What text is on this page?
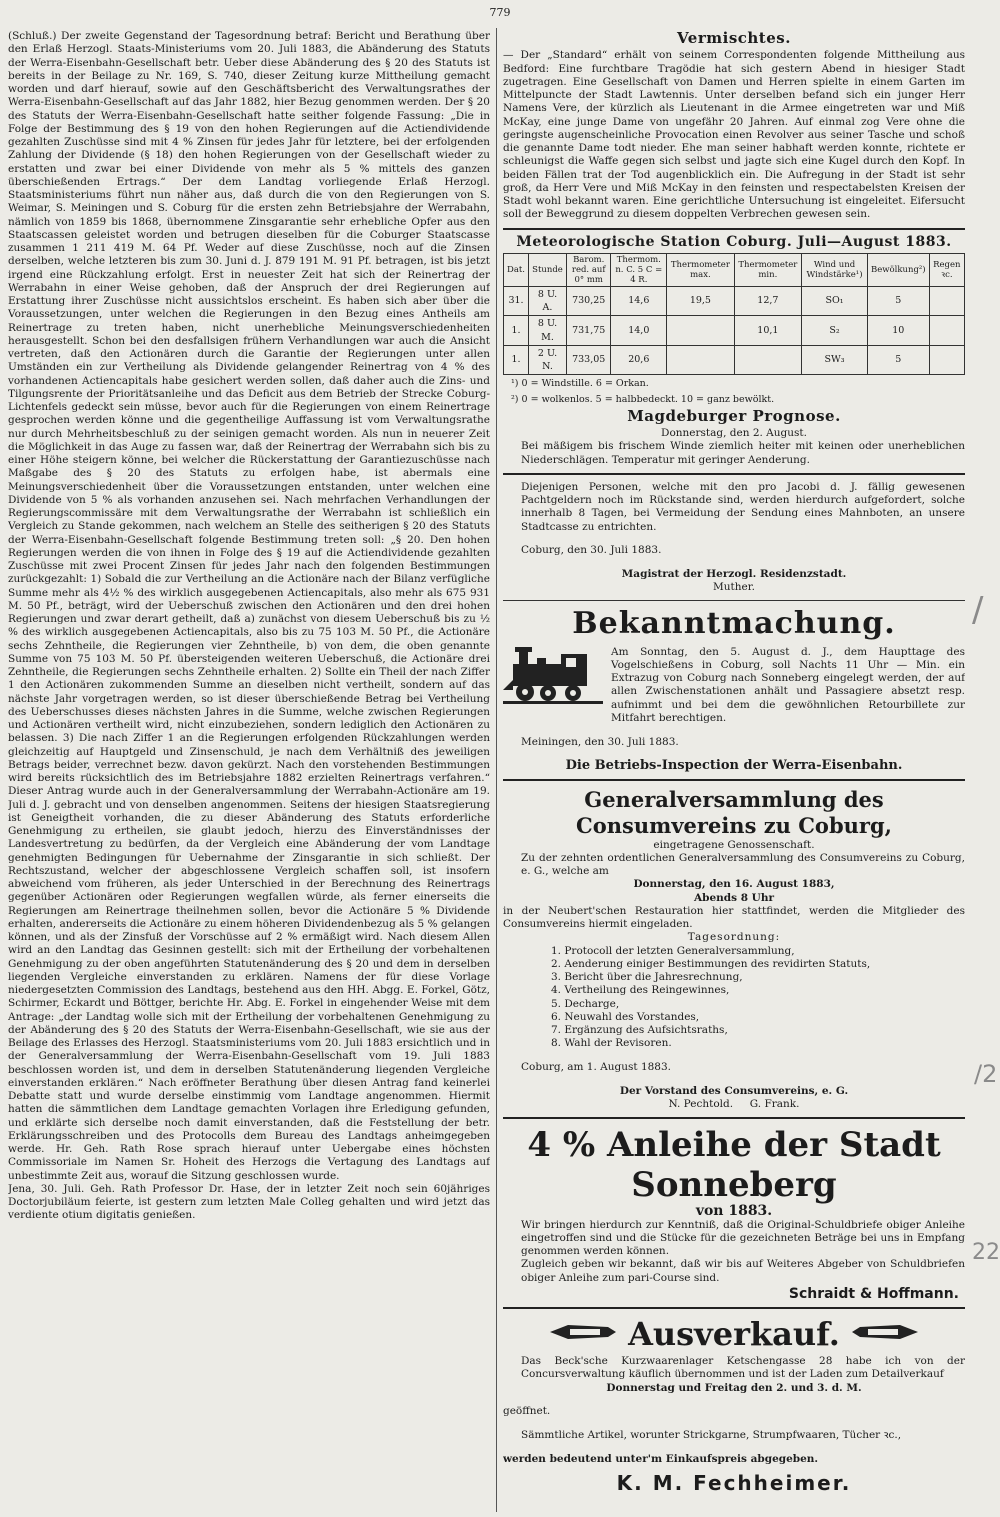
779

(Schluß.) Der zweite Gegenstand der Tagesordnung betraf: Bericht und Berathung über den Erlaß Herzogl. Staats-Ministeriums vom 20. Juli 1883, die Abänderung des Statuts der Werra-Eisenbahn-Gesellschaft betr. Ueber diese Abänderung des § 20 des Statuts ist bereits in der Beilage zu Nr. 169, S. 740, dieser Zeitung kurze Mittheilung gemacht worden und darf hierauf, sowie auf den Geschäftsbericht des Verwaltungsrathes der Werra-Eisenbahn-Gesellschaft auf das Jahr 1882, hier Bezug genommen werden. Der § 20 des Statuts der Werra-Eisenbahn-Gesellschaft hatte seither folgende Fassung: „Die in Folge der Bestimmung des § 19 von den hohen Regierungen auf die Actiendividende gezahlten Zuschüsse sind mit 4 % Zinsen für jedes Jahr für letztere, bei der erfolgenden Zahlung der Dividende (§ 18) den hohen Regierungen von der Gesellschaft wieder zu erstatten und zwar bei einer Dividende von mehr als 5 % mittels des ganzen überschießenden Ertrags.“ Der dem Landtag vorliegende Erlaß Herzogl. Staatsministeriums führt nun näher aus, daß durch die von den Regierungen von S. Weimar, S. Meiningen und S. Coburg für die ersten zehn Betriebsjahre der Werrabahn, nämlich von 1859 bis 1868, übernommene Zinsgarantie sehr erhebliche Opfer aus den Staatscassen geleistet worden und betrugen dieselben für die Coburger Staatscasse zusammen 1 211 419 M. 64 Pf. Weder auf diese Zuschüsse, noch auf die Zinsen derselben, welche letzteren bis zum 30. Juni d. J. 879 191 M. 91 Pf. betragen, ist bis jetzt irgend eine Rückzahlung erfolgt. Erst in neuester Zeit hat sich der Reinertrag der Werrabahn in einer Weise gehoben, daß der Anspruch der drei Regierungen auf Erstattung ihrer Zuschüsse nicht aussichtslos erscheint. Es haben sich aber über die Voraussetzungen, unter welchen die Regierungen in den Bezug eines Antheils am Reinertrage zu treten haben, nicht unerhebliche Meinungsverschiedenheiten herausgestellt. Schon bei den desfallsigen frühern Verhandlungen war auch die Ansicht vertreten, daß den Actionären durch die Garantie der Regierungen unter allen Umständen ein zur Vertheilung als Dividende gelangender Reinertrag von 4 % des vorhandenen Actiencapitals habe gesichert werden sollen, daß daher auch die Zins- und Tilgungsrente der Prioritätsanleihe und das Deficit aus dem Betrieb der Strecke Coburg-Lichtenfels gedeckt sein müsse, bevor auch für die Regierungen von einem Reinertrage gesprochen werden könne und die gegentheilige Auffassung ist vom Verwaltungsrathe nur durch Mehrheitsbeschluß zu der seinigen gemacht worden. Als nun in neuerer Zeit die Möglichkeit in das Auge zu fassen war, daß der Reinertrag der Werrabahn sich bis zu einer Höhe steigern könne, bei welcher die Rückerstattung der Garantiezuschüsse nach Maßgabe des § 20 des Statuts zu erfolgen habe, ist abermals eine Meinungsverschiedenheit über die Voraussetzungen entstanden, unter welchen eine Dividende von 5 % als vorhanden anzusehen sei. Nach mehrfachen Verhandlungen der Regierungscommissäre mit dem Verwaltungsrathe der Werrabahn ist schließlich ein Vergleich zu Stande gekommen, nach welchem an Stelle des seitherigen § 20 des Statuts der Werra-Eisenbahn-Gesellschaft folgende Bestimmung treten soll: „§ 20. Den hohen Regierungen werden die von ihnen in Folge des § 19 auf die Actiendividende gezahlten Zuschüsse mit zwei Procent Zinsen für jedes Jahr nach den folgenden Bestimmungen zurückgezahlt: 1) Sobald die zur Vertheilung an die Actionäre nach der Bilanz verfügliche Summe mehr als 4½ % des wirklich ausgegebenen Actiencapitals, also mehr als 675 931 M. 50 Pf., beträgt, wird der Ueberschuß zwischen den Actionären und den drei hohen Regierungen und zwar derart getheilt, daß a) zunächst von diesem Ueberschuß bis zu ½ % des wirklich ausgegebenen Actiencapitals, also bis zu 75 103 M. 50 Pf., die Actionäre sechs Zehntheile, die Regierungen vier Zehntheile, b) von dem, die oben genannte Summe von 75 103 M. 50 Pf. übersteigenden weiteren Ueberschuß, die Actionäre drei Zehntheile, die Regierungen sechs Zehntheile erhalten. 2) Sollte ein Theil der nach Ziffer 1 den Actionären zukommenden Summe an dieselben nicht vertheilt, sondern auf das nächste Jahr vorgetragen werden, so ist dieser überschießende Betrag bei Vertheilung des Ueberschusses dieses nächsten Jahres in die Summe, welche zwischen Regierungen und Actionären vertheilt wird, nicht einzubeziehen, sondern lediglich den Actionären zu belassen. 3) Die nach Ziffer 1 an die Regierungen erfolgenden Rückzahlungen werden gleichzeitig auf Hauptgeld und Zinsenschuld, je nach dem Verhältniß des jeweiligen Betrags beider, verrechnet bezw. davon gekürzt. Nach den vorstehenden Bestimmungen wird bereits rücksichtlich des im Betriebsjahre 1882 erzielten Reinertrags verfahren.“ Dieser Antrag wurde auch in der Generalversammlung der Werrabahn-Actionäre am 19. Juli d. J. gebracht und von denselben angenommen. Seitens der hiesigen Staatsregierung ist Geneigtheit vorhanden, die zu dieser Abänderung des Statuts erforderliche Genehmigung zu ertheilen, sie glaubt jedoch, hierzu des Einverständnisses der Landesvertretung zu bedürfen, da der Vergleich eine Abänderung der vom Landtage genehmigten Bedingungen für Uebernahme der Zinsgarantie in sich schließt. Der Rechtszustand, welcher der abgeschlossene Vergleich schaffen soll, ist insofern abweichend vom früheren, als jeder Unterschied in der Berechnung des Reinertrags gegenüber Actionären oder Regierungen wegfallen würde, als ferner einerseits die Regierungen am Reinertrage theilnehmen sollen, bevor die Actionäre 5 % Dividende erhalten, andererseits die Actionäre zu einem höheren Dividendenbezug als 5 % gelangen können, und als der Zinsfuß der Vorschüsse auf 2 % ermäßigt wird. Nach diesem Allen wird an den Landtag das Gesinnen gestellt: sich mit der Ertheilung der vorbehaltenen Genehmigung zu der oben angeführten Statutenänderung des § 20 und dem in derselben liegenden Vergleiche einverstanden zu erklären. Namens der für diese Vorlage niedergesetzten Commission des Landtags, bestehend aus den HH. Abgg. E. Forkel, Götz, Schirmer, Eckardt und Böttger, berichte Hr. Abg. E. Forkel in eingehender Weise mit dem Antrage: „der Landtag wolle sich mit der Ertheilung der vorbehaltenen Genehmigung zu der Abänderung des § 20 des Statuts der Werra-Eisenbahn-Gesellschaft, wie sie aus der Beilage des Erlasses des Herzogl. Staatsministeriums vom 20. Juli 1883 ersichtlich und in der Generalversammlung der Werra-Eisenbahn-Gesellschaft vom 19. Juli 1883 beschlossen worden ist, und dem in derselben Statutenänderung liegenden Vergleiche einverstanden erklären.“ Nach eröffneter Berathung über diesen Antrag fand keinerlei Debatte statt und wurde derselbe einstimmig vom Landtage angenommen. Hiermit hatten die sämmtlichen dem Landtage gemachten Vorlagen ihre Erledigung gefunden, und erklärte sich derselbe noch damit einverstanden, daß die Feststellung der betr. Erklärungsschreiben und des Protocolls dem Bureau des Landtags anheimgegeben werde. Hr. Geh. Rath Rose sprach hierauf unter Uebergabe eines höchsten Commissoriale im Namen Sr. Hoheit des Herzogs die Vertagung des Landtags auf unbestimmte Zeit aus, worauf die Sitzung geschlossen wurde.

Jena, 30. Juli. Geh. Rath Professor Dr. Hase, der in letzter Zeit noch sein 60jähriges Doctorjubiläum feierte, ist gestern zum letzten Male Colleg gehalten und wird jetzt das verdiente otium digitatis genießen.

Vermischtes.

— Der „Standard“ erhält von seinem Correspondenten folgende Mittheilung aus Bedford: Eine furchtbare Tragödie hat sich gestern Abend in hiesiger Stadt zugetragen. Eine Gesellschaft von Damen und Herren spielte in einem Garten im Mittelpuncte der Stadt Lawtennis. Unter derselben befand sich ein junger Herr Namens Vere, der kürzlich als Lieutenant in die Armee eingetreten war und Miß McKay, eine junge Dame von ungefähr 20 Jahren. Auf einmal zog Vere ohne die geringste augenscheinliche Provocation einen Revolver aus seiner Tasche und schoß die genannte Dame todt nieder. Ehe man seiner habhaft werden konnte, richtete er schleunigst die Waffe gegen sich selbst und jagte sich eine Kugel durch den Kopf. In beiden Fällen trat der Tod augenblicklich ein. Die Aufregung in der Stadt ist sehr groß, da Herr Vere und Miß McKay in den feinsten und respectabelsten Kreisen der Stadt wohl bekannt waren. Eine gerichtliche Untersuchung ist eingeleitet. Eifersucht soll der Beweggrund zu diesem doppelten Verbrechen gewesen sein.

Meteorologische Station Coburg. Juli—August 1883.
Dat.	Stunde	Barom. red. auf 0° mm	Thermom. n. C. 5 C = 4 R.	Thermometer max.	Thermometer min.	Wind und Windstärke¹)	Bewölkung²)	Regen ꝛc.
31.	8 U. A.	730,25	14,6	19,5	12,7	SO₁	5	
1.	8 U. M.	731,75	14,0		10,1	S₂	10	
1.	2 U. N.	733,05	20,6			SW₃	5	
¹) 0 = Windstille. 6 = Orkan.
²) 0 = wolkenlos. 5 = halbbedeckt. 10 = ganz bewölkt.
Magdeburger Prognose.

Donnerstag, den 2. August.

Bei mäßigem bis frischem Winde ziemlich heiter mit keinen oder unerheblichen Niederschlägen. Temperatur mit geringer Aenderung.

Diejenigen Personen, welche mit den pro Jacobi d. J. fällig gewesenen Pachtgeldern noch im Rückstande sind, werden hierdurch aufgefordert, solche innerhalb 8 Tagen, bei Vermeidung der Sendung eines Mahnboten, an unsere Stadtcasse zu entrichten.

Coburg, den 30. Juli 1883.

Magistrat der Herzogl. Residenzstadt.

Muther.

Bekanntmachung.

Am Sonntag, den 5. August d. J., dem Haupttage des Vogelschießens in Coburg, soll Nachts 11 Uhr — Min. ein Extrazug von Coburg nach Sonneberg eingelegt werden, der auf allen Zwischenstationen anhält und Passagiere absetzt resp. aufnimmt und bei dem die gewöhnlichen Retourbillete zur Mitfahrt berechtigen.

Meiningen, den 30. Juli 1883.

Die Betriebs-Inspection der Werra-Eisenbahn.

Generalversammlung des Consumvereins zu Coburg,

eingetragene Genossenschaft.

Zu der zehnten ordentlichen Generalversammlung des Consumvereins zu Coburg, e. G., welche am

Donnerstag, den 16. August 1883,

Abends 8 Uhr

in der Neubert'schen Restauration hier stattfindet, werden die Mitglieder des Consumvereins hiermit eingeladen.

Tagesordnung:

1. Protocoll der letzten Generalversammlung,
2. Aenderung einiger Bestimmungen des revidirten Statuts,
3. Bericht über die Jahresrechnung,
4. Vertheilung des Reingewinnes,
5. Decharge,
6. Neuwahl des Vorstandes,
7. Ergänzung des Aufsichtsraths,
8. Wahl der Revisoren.

Coburg, am 1. August 1883.

Der Vorstand des Consumvereins, e. G.

N. Pechtold.     G. Frank.

4 % Anleihe der Stadt Sonneberg

von 1883.

Wir bringen hierdurch zur Kenntniß, daß die Original-Schuldbriefe obiger Anleihe eingetroffen sind und die Stücke für die gezeichneten Beträge bei uns in Empfang genommen werden können.

Zugleich geben wir bekannt, daß wir bis auf Weiteres Abgeber von Schuldbriefen obiger Anleihe zum pari-Course sind.

Schraidt & Hoffmann.
Ausverkauf.

Das Beck'sche Kurzwaarenlager Ketschengasse 28 habe ich von der Concursverwaltung käuflich übernommen und ist der Laden zum Detailverkauf

Donnerstag und Freitag den 2. und 3. d. M.

geöffnet.

Sämmtliche Artikel, worunter Strickgarne, Strumpfwaaren, Tücher ꝛc.,

werden bedeutend unter'm Einkaufspreis abgegeben.

K. M. Fechheimer.
/
/2
22
